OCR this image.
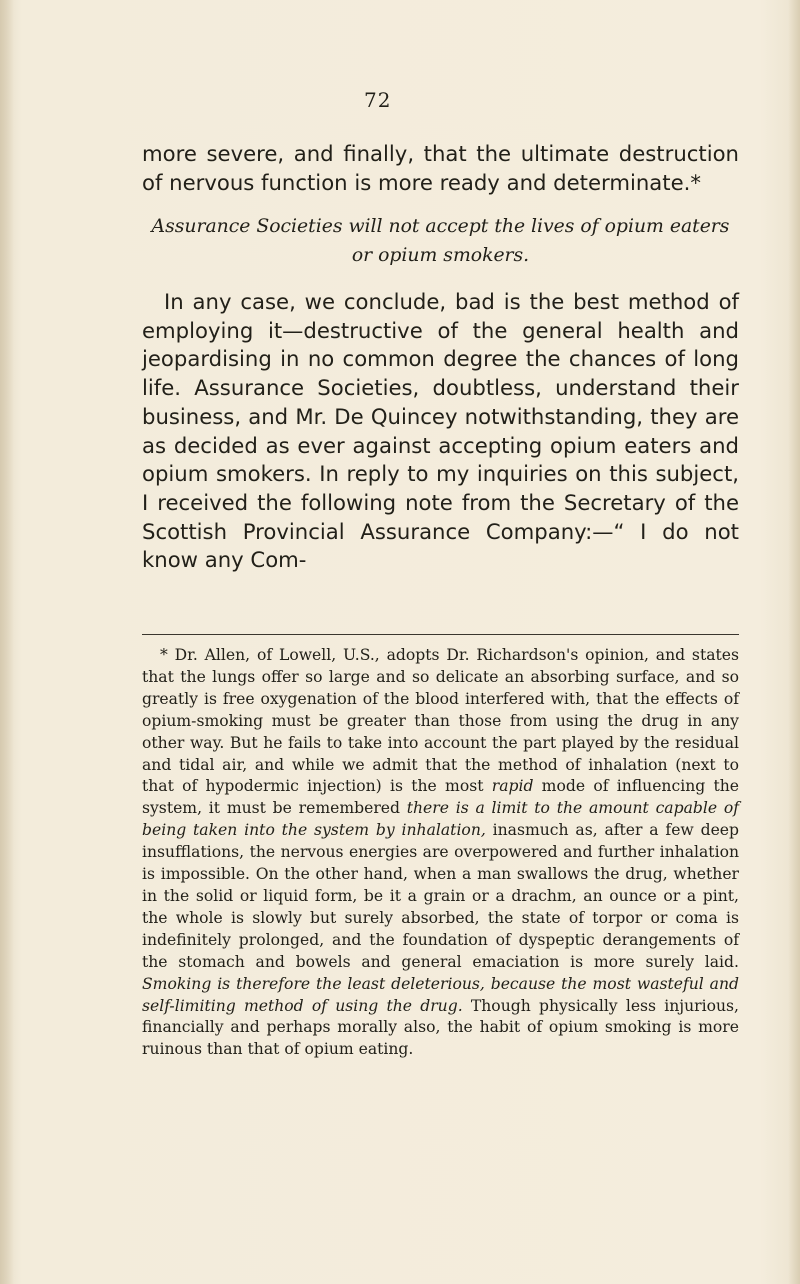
72

more severe, and finally, that the ultimate destruction of nervous function is more ready and determinate.*

Assurance Societies will not accept the lives of opium eaters or opium smokers.

In any case, we conclude, bad is the best method of employing it—destructive of the general health and jeopardising in no common degree the chances of long life. Assurance Societies, doubtless, understand their business, and Mr. De Quincey notwithstanding, they are as decided as ever against accepting opium eaters and opium smokers. In reply to my inquiries on this subject, I received the following note from the Secretary of the Scottish Provincial Assurance Company:—“ I do not know any Com-

* Dr. Allen, of Lowell, U.S., adopts Dr. Richardson's opinion, and states that the lungs offer so large and so delicate an absorbing surface, and so greatly is free oxygenation of the blood interfered with, that the effects of opium-smoking must be greater than those from using the drug in any other way. But he fails to take into account the part played by the residual and tidal air, and while we admit that the method of inhalation (next to that of hypodermic injection) is the most rapid mode of influencing the system, it must be remembered there is a limit to the amount capable of being taken into the system by inhalation, inasmuch as, after a few deep insufflations, the nervous energies are overpowered and further inhalation is impossible. On the other hand, when a man swallows the drug, whether in the solid or liquid form, be it a grain or a drachm, an ounce or a pint, the whole is slowly but surely absorbed, the state of torpor or coma is indefinitely prolonged, and the foundation of dyspeptic derangements of the stomach and bowels and general emaciation is more surely laid. Smoking is therefore the least deleterious, because the most wasteful and self-limiting method of using the drug. Though physically less injurious, financially and perhaps morally also, the habit of opium smoking is more ruinous than that of opium eating.
